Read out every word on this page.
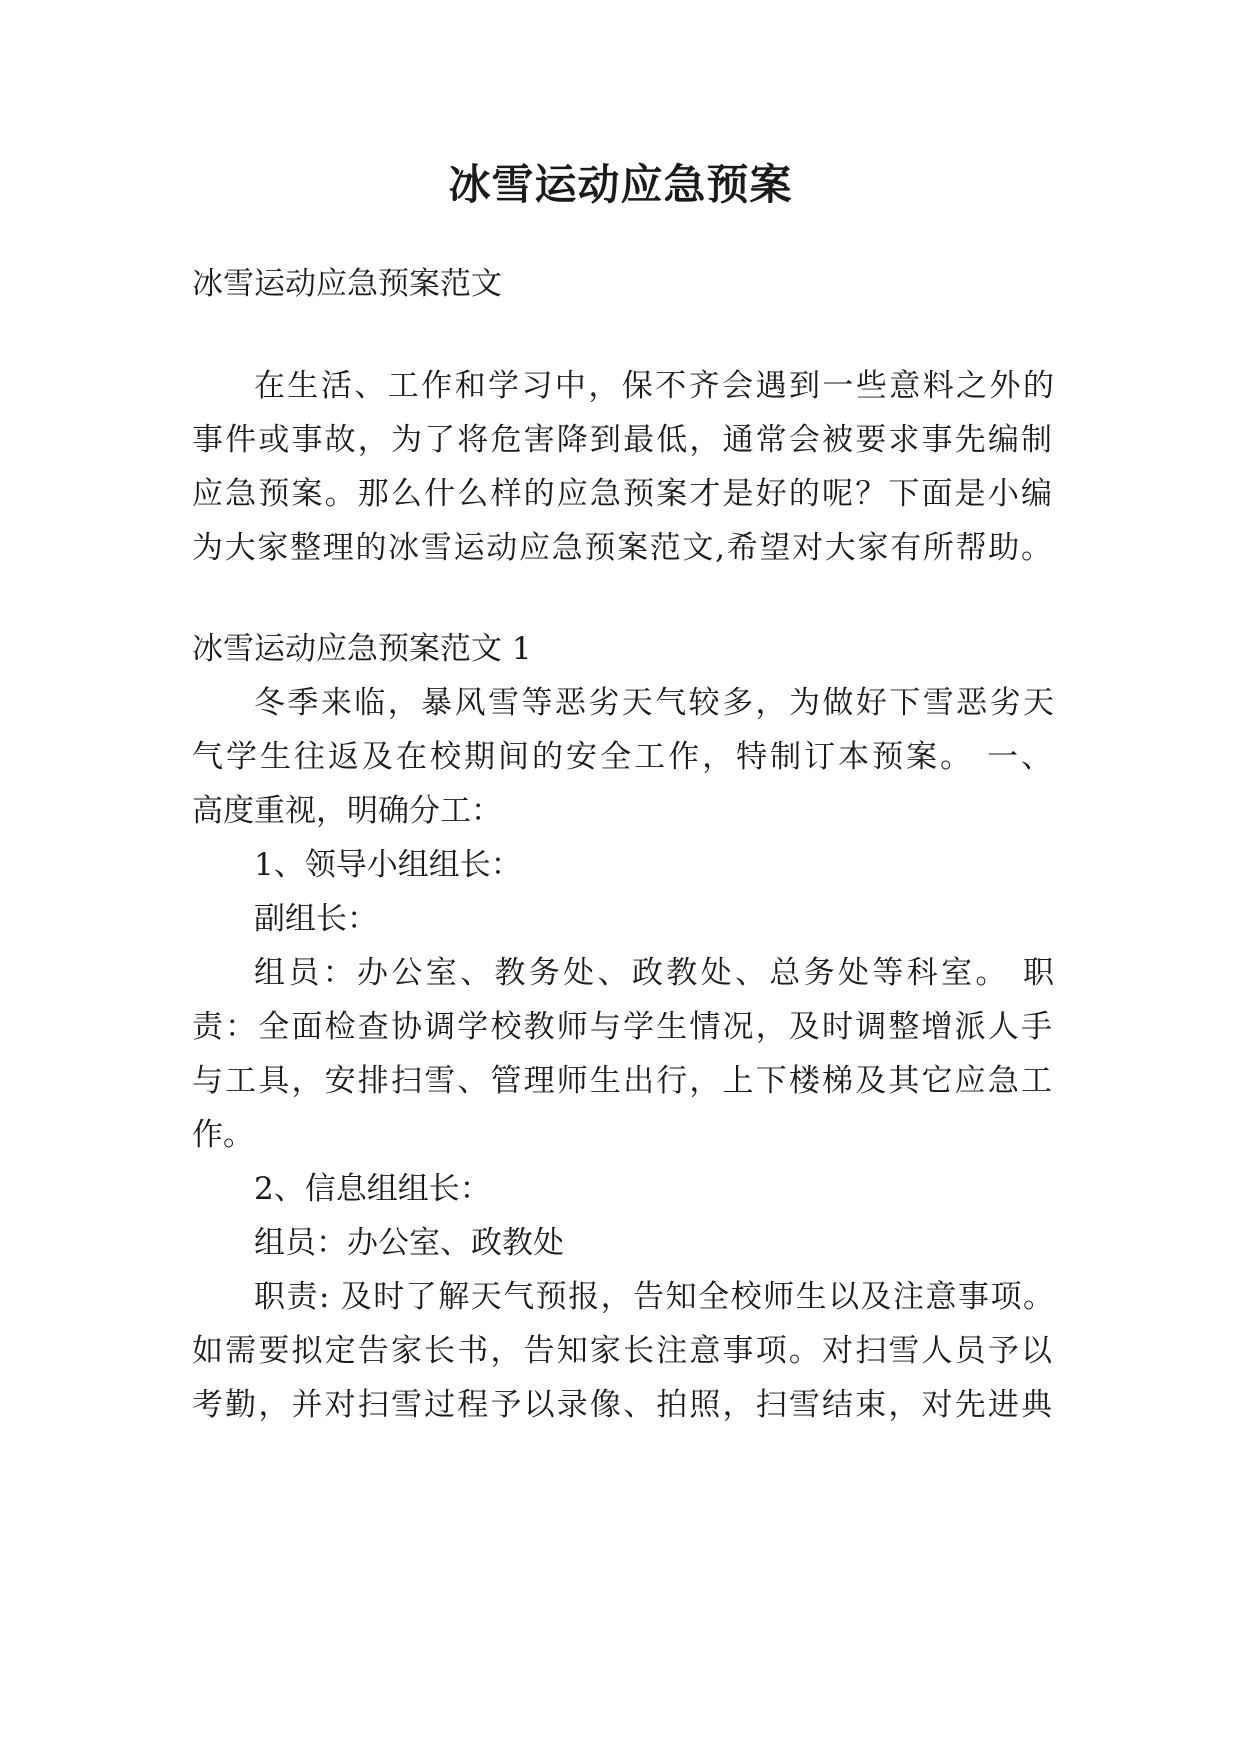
冰雪运动应急预案

冰雪运动应急预案范文

在生活、工作和学习中，保不齐会遇到一些意料之外的

事件或事故，为了将危害降到最低，通常会被要求事先编制

应急预案。那么什么样的应急预案才是好的呢？下面是小编

为大家整理的冰雪运动应急预案范文,希望对大家有所帮助。

冰雪运动应急预案范文 1

冬季来临，暴风雪等恶劣天气较多，为做好下雪恶劣天

气学生往返及在校期间的安全工作，特制订本预案。 一、

高度重视，明确分工：

1、领导小组组长：

副组长：

组员：办公室、教务处、政教处、总务处等科室。 职

责：全面检查协调学校教师与学生情况，及时调整增派人手

与工具，安排扫雪、管理师生出行，上下楼梯及其它应急工

作。

2、信息组组长：

组员：办公室、政教处

职责: 及时了解天气预报，告知全校师生以及注意事项。

如需要拟定告家长书，告知家长注意事项。对扫雪人员予以

考勤，并对扫雪过程予以录像、拍照，扫雪结束，对先进典
